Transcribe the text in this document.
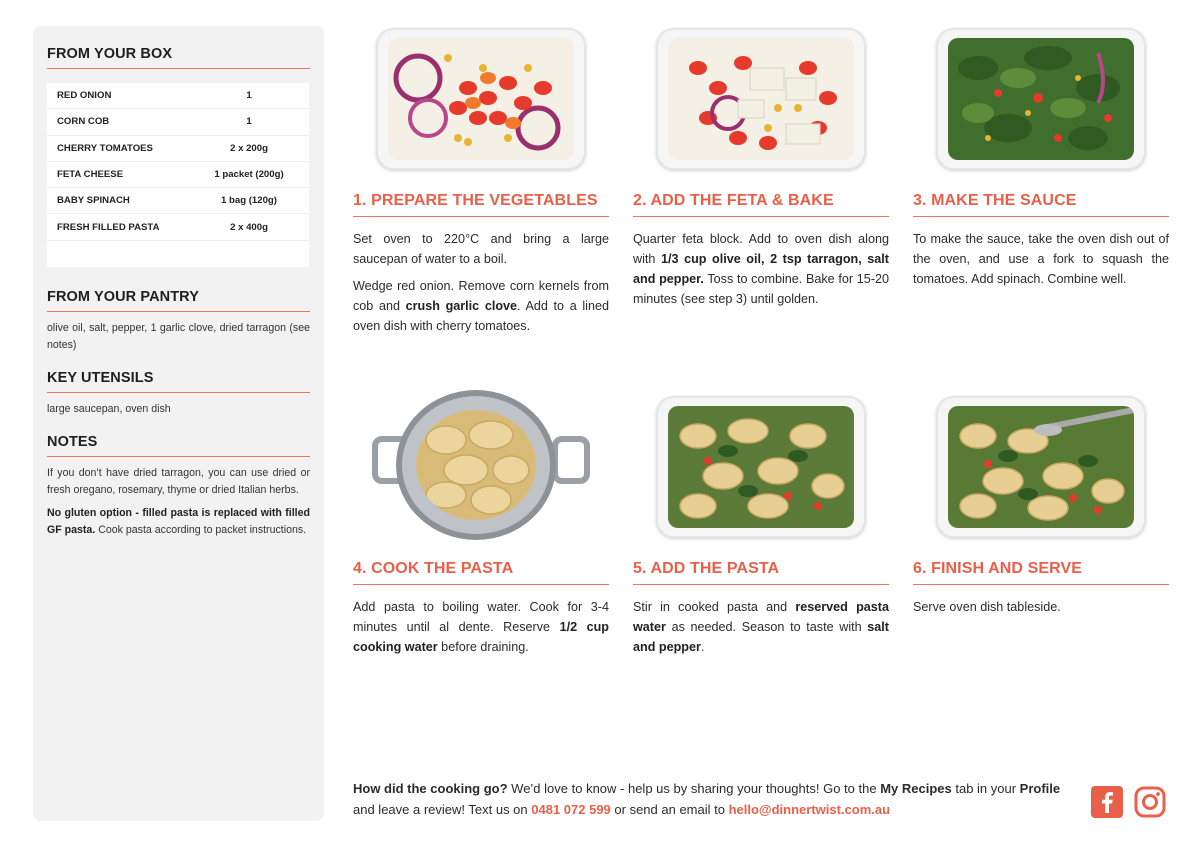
FROM YOUR BOX
RED ONION	1
CORN COB	1
CHERRY TOMATOES	2 x 200g
FETA CHEESE	1 packet (200g)
BABY SPINACH	1 bag (120g)
FRESH FILLED PASTA	2 x 400g
FROM YOUR PANTRY
olive oil, salt, pepper, 1 garlic clove, dried tarragon (see notes)
KEY UTENSILS
large saucepan, oven dish
NOTES

If you don’t have dried tarragon, you can use dried or fresh oregano, rosemary, thyme or dried Italian herbs.

No gluten option - filled pasta is replaced with filled GF pasta. Cook pasta according to packet instructions.

1. PREPARE THE VEGETABLES

Set oven to 220°C and bring a large saucepan of water to a boil.

Wedge red onion. Remove corn kernels from cob and crush garlic clove. Add to a lined oven dish with cherry tomatoes.

2. ADD THE FETA & BAKE

Quarter feta block. Add to oven dish along with 1/3 cup olive oil, 2 tsp tarragon, salt and pepper. Toss to combine. Bake for 15-20 minutes (see step 3) until golden.

3. MAKE THE SAUCE

To make the sauce, take the oven dish out of the oven, and use a fork to squash the tomatoes. Add spinach. Combine well.

4. COOK THE PASTA

Add pasta to boiling water. Cook for 3-4 minutes until al dente. Reserve 1/2 cup cooking water before draining.

5. ADD THE PASTA

Stir in cooked pasta and reserved pasta water as needed. Season to taste with salt and pepper.

6. FINISH AND SERVE

Serve oven dish tableside.

How did the cooking go? We’d love to know - help us by sharing your thoughts! Go to the My Recipes tab in your Profile and leave a review! Text us on 0481 072 599 or send an email to hello@dinnertwist.com.au
